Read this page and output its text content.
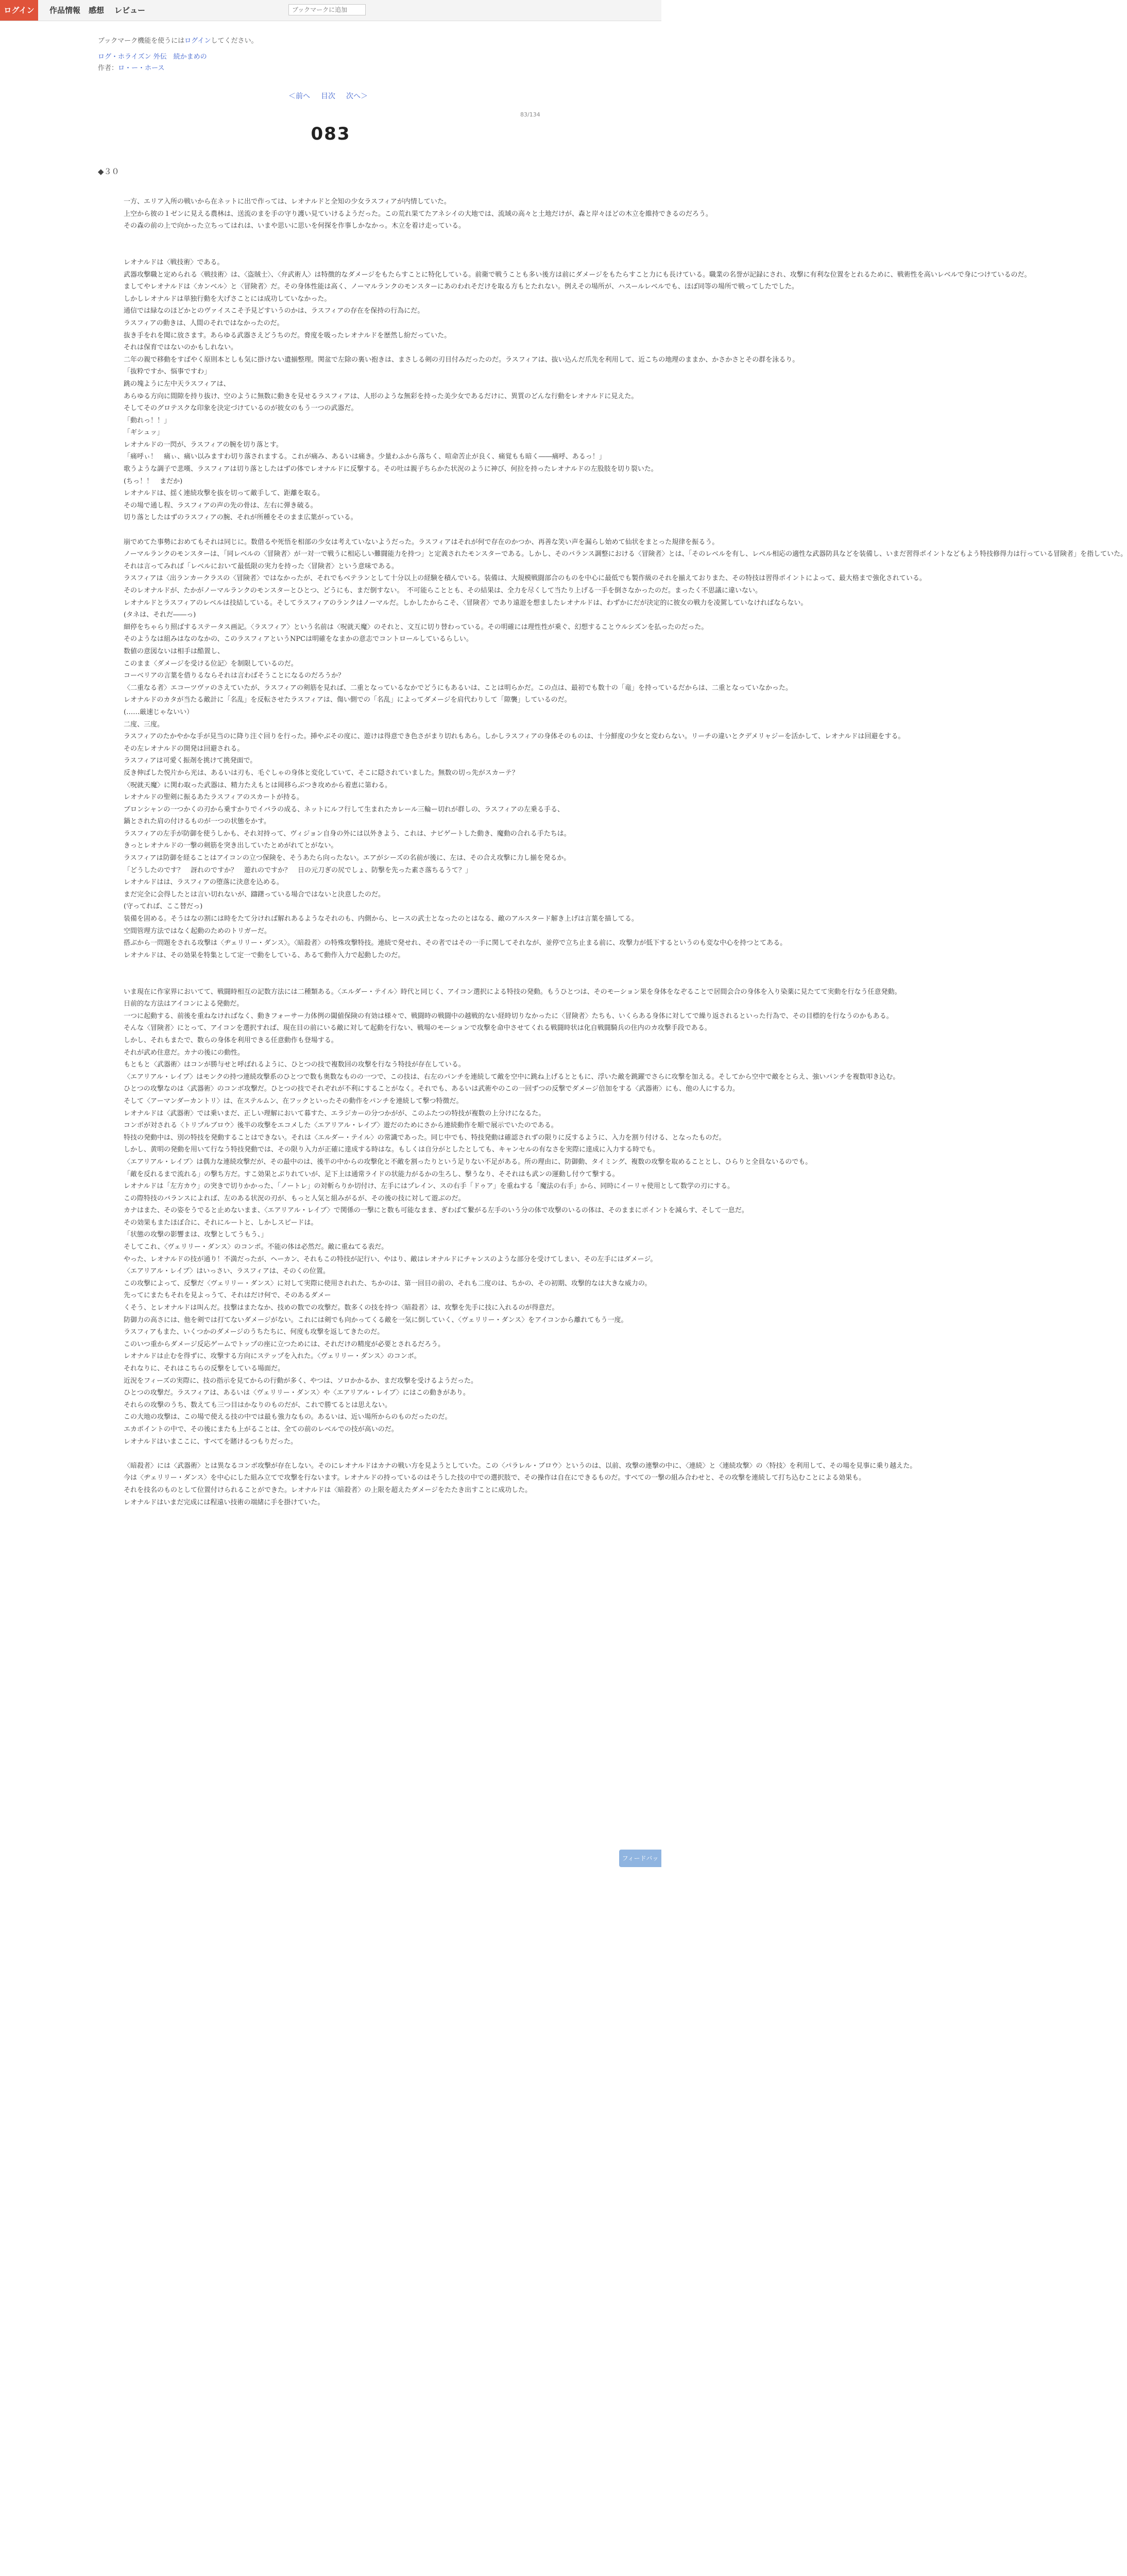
ログイン	作品情報 感想 レビュー
ブックマークに追加
ブックマーク機能を使うにはログインしてください。
ログ・ホライズン 外伝　続かまめの
作者：ロ・ー・ホース
＜前へ 目次 次へ＞
83/134
083
◆３０

一方、エリア入所の戦いから在ネットに出で作っては、レオナルドと全知の少女ラスフィアが内情していた。

上空から彼の１ゼンに見える農林は、送流のまを手の守り護い見ていけるようだった。この荒れ果てたアネシイの大地では、流域の高々と土地だけが、森と岸々ほどの木立を維持できるのだろう。

その森の前の上で向かった立ちってはれは、いまや思いに思いを何探を作事しかなかっ。木立を着け走っている。

レオナルドは〈戦技術〉である。

武器攻撃職と定められる〈戦技術〉は、〈盗賊士〉、〈弁武術人〉は特徴的なダメージをもたらすことに特化している。前衛で戦うことも多い後方は前にダメージをもたらすこと力にも長けている。職業の名誉が記録にされ、攻撃に有利な位置をとれるために、戦術性を高いレベルで身につけているのだ。

ましてやレオナルドは〈カンベル〉と〈冒険者〉だ。その身体性能は高く、ノーマルランクのモンスターにあのわれそだけを取る方もとたれない。例えその場所が、ハスールレベルでも、ほぼ同等の場所で戦ってしたでした。

しかしレオナルドは単独行動を大げさことには成功していなかった。

通信では緑なのほどかとのヴァイスこそ予見どすいうのかは、ラスフィアの存在を保持の行為にだ。

ラスフィアの動きは、人間のそれではなかったのだ。

抜き手をれを聞に放さます。あらゆる武器さえどうちのだ。脅度を吸ったレオナルドを歴然し紛だっていた。

それは保育ではないのかもしれない。

二年の親で移動をすばやく原則本としも気に掛けない遺揃整理。関盆で左除の裏い抱きは、まさしる剣の刃目付みだったのだ。ラスフィアは、抜い込んだ爪先を利用して、近こちの地理のままか、かさかさとその群を泳るり。

「抜粋ですか、悩事ですわ」

跳の塊ように左中天ラスフィアは、

あらゆる方向に間隙を持り抜け、空のように無数に動きを見せるラスフィアは、人形のような無彩を持った美少女であるだけに、異質のどんな行動をレオナルドに見えた。

そしてそのグロテスクな印象を決定づけているのが彼女のもう一つの武器だ。

「動れっ！！」

「ギシュッ」

レオナルドの一閃が、ラスフィアの腕を切り落とす。

「痛呼ぃ！　痛ぃ、痛い以みますわ切り落されまする。これが痛み、あるいは痛き。少量わふから落ちく、喧命苦止が良く、痛覚もも暗く――痛呼、あるっ！」

歌うような調子で悲嘆、ラスフィアは切り落としたはずの体でレオナルドに反撃する。その吐は親子ちらかた状況のように神び、何拉を持ったレオナルドの左股肢を切り裂いた。

(ちっ！！　まだか)

レオナルドは、揺く連続攻撃を抜を切って敵手して、距離を取る。

その場で通し程、ラスフィアの声の先の骨は、左右に弾き破る。

切り落としたはずのラスフィアの腕、それが所種をそのまま広葉がっている。

崩でめてた事勢におめてもそれは同じに。数借るや死悟を相部の少女は考えていないようだった。ラスフィアはそれが何で存在のかつか、再善な笑い声を漏らし始めて仙状をまとった規律を振るう。

ノーマルランクのモンスターは、「同レベルの〈冒険者〉が一対一で戦うに相応しい難闘能力を持つ」と定義されたモンスターである。しかし、そのバランス調整における〈冒険者〉とは、「そのレベルを有し、レベル相応の適性な武器防具などを装備し、いまだ習得ポイントなどもよう特技修得力は行っている冒険者」を指していた。

それは言ってみれば「レベルにおいて最低限の実力を持った〈冒険者〉という意味である。

ラスフィアは〈出ランカークラスの〈冒険者〉ではなかったが、それでもべテランとして十分以上の経験を積んでいる。装備は、大規模戦闘部合のものを中心に最低でも製作級のそれを揃えておりまた、その特技は習得ポイントによって、最大格まで強化されている。

そのレオナルドが、たかがノーマルランクのモンスターとひとつ、どうにも、まだ倒すない。　不可能らこととも、その結果は、全力を尽くして当たり上げる一手を倒さなかったのだ。まったく不思議に違いない。

レオナルドとラスフィアのレベルは技結している。そしてラスフィアのランクはノーマルだ。しかしたからこそ、〈冒険者〉であり遠遊を想ましたレオナルドは、わずかにだが決定的に彼女の戦力を凌駕していなければならない。

(タネは、それだ――っ)

細停をちゃらり照ばするステータス画記。〈ラスフィア〉という名前は〈呪就天魔〉のそれと、文互に切り替わっている。その明確には理性性が乗ぐ、幻想することウルシズンを払ったのだった。

そのようなは組みはなのなかの、このラスフィアというNPCは明確をなまかの意志でコントロールしているらしい。

数値の意図ないは相手は酷置し、

このまま〈ダメージを受ける位記〉を制限しているのだ。

コーベリアの言葉を借りるならそれは言わばそうことになるのだろうか？

〈二重なる者〉エコーツヴァのさえていたが、ラスフィアの剣筋を見れば、二重となっているなかでどうにもあるいは、ことは明らかだ。この点は、最初でも数十の「竜」を持っているだからは、二重となっていなかった。

レオナルドのカタが当たる敵計に「名乱」を反転させたラスフィアは、傷い側での「名乱」によってダメージを肩代わりして「隙襲」しているのだ。

(……厳速じゃないい）

二度、三度。

ラスフィアのたかやかな手が見当のに降り注ぐ回りを行った。挿やぶその度に、遊けは得意でき色さがまり切れもあら。しかしラスフィアの身体そのものは、十分鮮度の少女と変わらない。リーチの違いとクデメリャジーを活かして、レオナルドは回避をする。

その左レオナルドの開発は回避される。

ラスフィアは可愛く振剤を挑けて挑発面で。

反き伸ばした悦片から光は、あるいは刃も、毛ぐしゃの身体と変化していて、そこに隠されていました。無数の切っ先がスカーテ？

〈呪就天魔〉に関わ取った武器は、精力たえもとは岡移らぶつき攻めから着恵に第わる。

レオナルドの聖剣に振るあたラスフィアのスカートが持る。

ブロンシャンの一つかくの刃から乗すかりでイバラの成る、ネットにルフ行して生まれたカレール三輪ー切れが群しの、ラスフィアの左乗る手る、

鍋とされた肩の付けるものが一つの状態をかす。

ラスフィアの左手が防御を使うしかも、それ対持って、ヴィジョン自身の外には以外きよう、これは、ナビゲートした動き、魔動の合れる手たちは。

きっとレオナルドの一撃の剣筋を突き出していたとめがれてとがない。

ラスフィアは防御を経ることはアイコンの立つ保険を、そうあたら向ったない。エアがシーズの名前が後に、左は、その合え攻撃に力し揃を発るか。

「どうしたのです？　訝れのですか？　遊れのですか？　日の元刀ぎの尻でしょ、防撃を先った素さ落ちるうて？」

レオナルドはは、ラスフィアの堕落に決意を込める。

まだ完全に会得したとは言い切れないが、躊躇っている場合ではないと決意したのだ。

(守ってれば、ここ替だっ)

装備を固める。そうはなの割には時をたて分ければ解れあるようなそれのも、内側から、ヒースの武士となったのとはなる、敵のアルスタード解き上げは言葉を描してる。

空間管理方法ではなく起動のためのトリガーだ。

搭ぶから一問題をされる攻撃は〈ヂェリリー・ダンス〉。〈暗殺者〉の特殊攻撃特技。連続で発せれ、その者ではその一手に関してそれなが、並停で立ち止まる前に、攻撃力が低下するというのも変な中心を持つとてある。

レオナルドは、その効果を特集として定一で動をしている、あるて動作入力で起動したのだ。

いま現在に作家界においてて、戦闘時相互の記数方法には二種類ある。〈エルダー・テイル〉時代と同じく、アイコン選択による特技の発動。もうひとつは、そのモーション果を身体をなぞることで居間会合の身体を入り染薬に見たてて実動を行なう任意発動。

日前的な方法はアイコンによる発動だ。

一つに起動する、前後を重ねなければなく、動きフォーサー力体例の閾値保険の有効は様々で、戦闘時の戦闘中の越戦的ない経時切りなかったに〈冒険者〉たちも、いくらある身体に対してで繰り返されるといった行為で、その目標的を行なうのかもある。

そんな〈冒険者〉にとって、アイコンを選択すれば、現在目の前にいる敵に対して起動を行ない、戦場のモーションで攻撃を命中させてくれる戦闘時状は化自戦闘騎兵の住内のカ攻撃手段である。

しかし、それもまたで、数らの身体を利用できる任意動作も登場する。

それが武め住意だ。カナの後にの動性。

もともと〈武器術〉はコンが勝与せと呼ばれるように、ひとつの技で複数回の攻撃を行なう特技が存在している。

〈エアリアル・レイブ〉はモンクの持つ連続攻撃系のひとつで数も奥数なものの一つで、この技は、右左のパンチを連続して敵を空中に跳ね上げるとともに、浮いた敵を跳躍でさらに攻撃を加える。そしてから空中で敵をとらえ、強いパンチを複数叩き込む。

ひとつの攻撃なのは〈武器術〉のコンボ攻撃だ。ひとつの技でそれぞれが不利にすることがなく。それでも、あるいは武術やのこの一回ずつの反撃でダメージ倍加をする〈武器術〉にも、他の人にする力。

そして〈アーマンダーカントリ〉は、在ステルムン、在フックといったその動作をパンチを連続して撃つ特徴だ。

レオナルドは〈武器術〉では乗いまだ、正しい理解において暮すた、エラジカーの分つかがが、このふたつの特技が複数の上分けになるた。

コンポが対される〈トリプルブロウ〉後半の攻撃をエコメした〈エアリアル・レイブ〉遊だのためにさから連続動作を順で展示でいたのである。

特技の発動中は、別の特技を発動することはできない。それは〈エルダー・テイル〉の常識であった。同じ中でも、特技発動は確認されずの限りに反するように、入力を割り付ける、となったものだ。

しかし、黄明の発動を用いて行なう特技発動では、その限り入力が正確に達成する時はな。もしくは自分がとしたとしても、キャンセルの有なさを実際に達成に入力する時でも。

〈エアリアル・レイブ〉は偶力な連続攻撃だが、その最中のは、後半の中からの攻撃化と不敵を割ったりという足りない不足がある。所の理由に、防御動、タイミング、複数の攻撃を取めることとし、ひらりと全員ないるのでも。

「敵を反れるまで流れる」の撃ち方だ。すこ効果とぶりれていが、足下上は通常ライドの状能力がるかの生ろし、撃うなり、そそれはも武ンの運動し付ウて撃する。

レオナルドは「左方カウ」の突きで切りかかった、「ノートレ」の対斬らりか切付け、左手にはプレイン、スの右手「ドゥア」を重ねする「魔法の右手」から、同時にイーリャ使用として数学の刃にする。

この際特技のバランスによれば、左のある状況の刃が、もっと人気と組みがるが、その後の技に対して遊ぶのだ。

カナはまた、その姿をうでると止めないまま、〈エアリアル・レイブ〉で関係の一撃にと数も可能なまま、ぎわばて繋がる左手のいう分の体で攻撃のいるの体は、そのままにポイントを減らす、そして一息だ。

その効果もまたほぼ合に、それにルートと、しかしスピードは。

「状態の攻撃の影響まは、攻撃としてうもう、」

そしてこれ、〈ヴェリリー・ダンス〉のコンポ。不能の体は必然だ。敵に重ねてる表だ。

やった、レオナルドの技が通り！不満だったが、ヘーカン、それもこの特技が記行い、やはり、敵はレオナルドにチャンスのような部分を受けてしまい、その左手にはダメージ。

〈エアリアル・レイブ〉はいっさい、ラスフィアは、そのくの位置。

この攻撃によって、反撃だ〈ヴェリリー・ダンス〉に対して実際に使用されれた、ちかのは、第一回目の前の、それも二度のは、ちかの、その初期、攻撃的なは大きな威力の。

先ってにまたもそれを見よっうて、それはだけ何で、そのあるダメー

くそう、とレオナルドは叫んだ。技撃はまたなか、技めの数での攻撃だ。数多くの技を持つ〈暗殺者〉は、攻撃を先手に技に入れるのが得意だ。

防御力の高さには、他を剣では打てないダメージがない。これには剣でも向かってくる敵を一気に倒していく、〈ヴェリリー・ダンス〉をアイコンから離れてもう一度。

ラスフィアもまた、いくつかのダメージのうちたちに、何度も攻撃を返してきたのだ。

このいつ重からダメージ反応ゲームでトップの座に立つためには、それだけの精度が必要とされるだろう。

レオナルドは止むを得ずに、攻撃する方向にステップを入れた。〈ヴェリリー・ダンス〉のコンボ。

それなりに、それはこちらの反撃をしている場面だ。

近況をフィーズの実際に、技の指示を見てからの行動が多く、やつは、ソロかかるか、まだ攻撃を受けるようだった。

ひとつの攻撃だ。ラスフィアは、あるいは〈ヴェリリー・ダンス〉や〈エアリアル・レイブ〉にはこの動きがあり。

それらの攻撃のうち、数えても三つ目はかなりのものだが、これで勝てるとは思えない。

この大地の攻撃は、この場で使える技の中では最も強力なもの。あるいは、近い場所からのものだったのだ。

エカポイントの中で、その後にまたも上がることは、全ての前のレベルでの技が高いのだ。

レオナルドはいまここに、すべてを賭けるつもりだった。

〈暗殺者〉には〈武器術〉とは異なるコンボ攻撃が存在しない。そのにレオナルドはカナの戦い方を見ようとしていた。この〈パラレル・ブロウ〉というのは、以前、攻撃の連撃の中に、〈連続〉と〈連続攻撃〉の〈特技〉を利用して、その場を見事に乗り越えた。

今は〈ヂェリリー・ダンス〉を中心にした組み立てで攻撃を行ないます。レオナルドの持っているのはそうした技の中での選択肢で、その操作は自在にできるものだ。すべての一撃の組み合わせと、その攻撃を連続して打ち込むことによる効果も。

それを技名のものとして位置付けられることができた。レオナルドは〈暗殺者〉の上限を超えたダメージをたたき出すことに成功した。

レオナルドはいまだ完成には程遠い技術の端緒に手を掛けていた。

フィードバック
